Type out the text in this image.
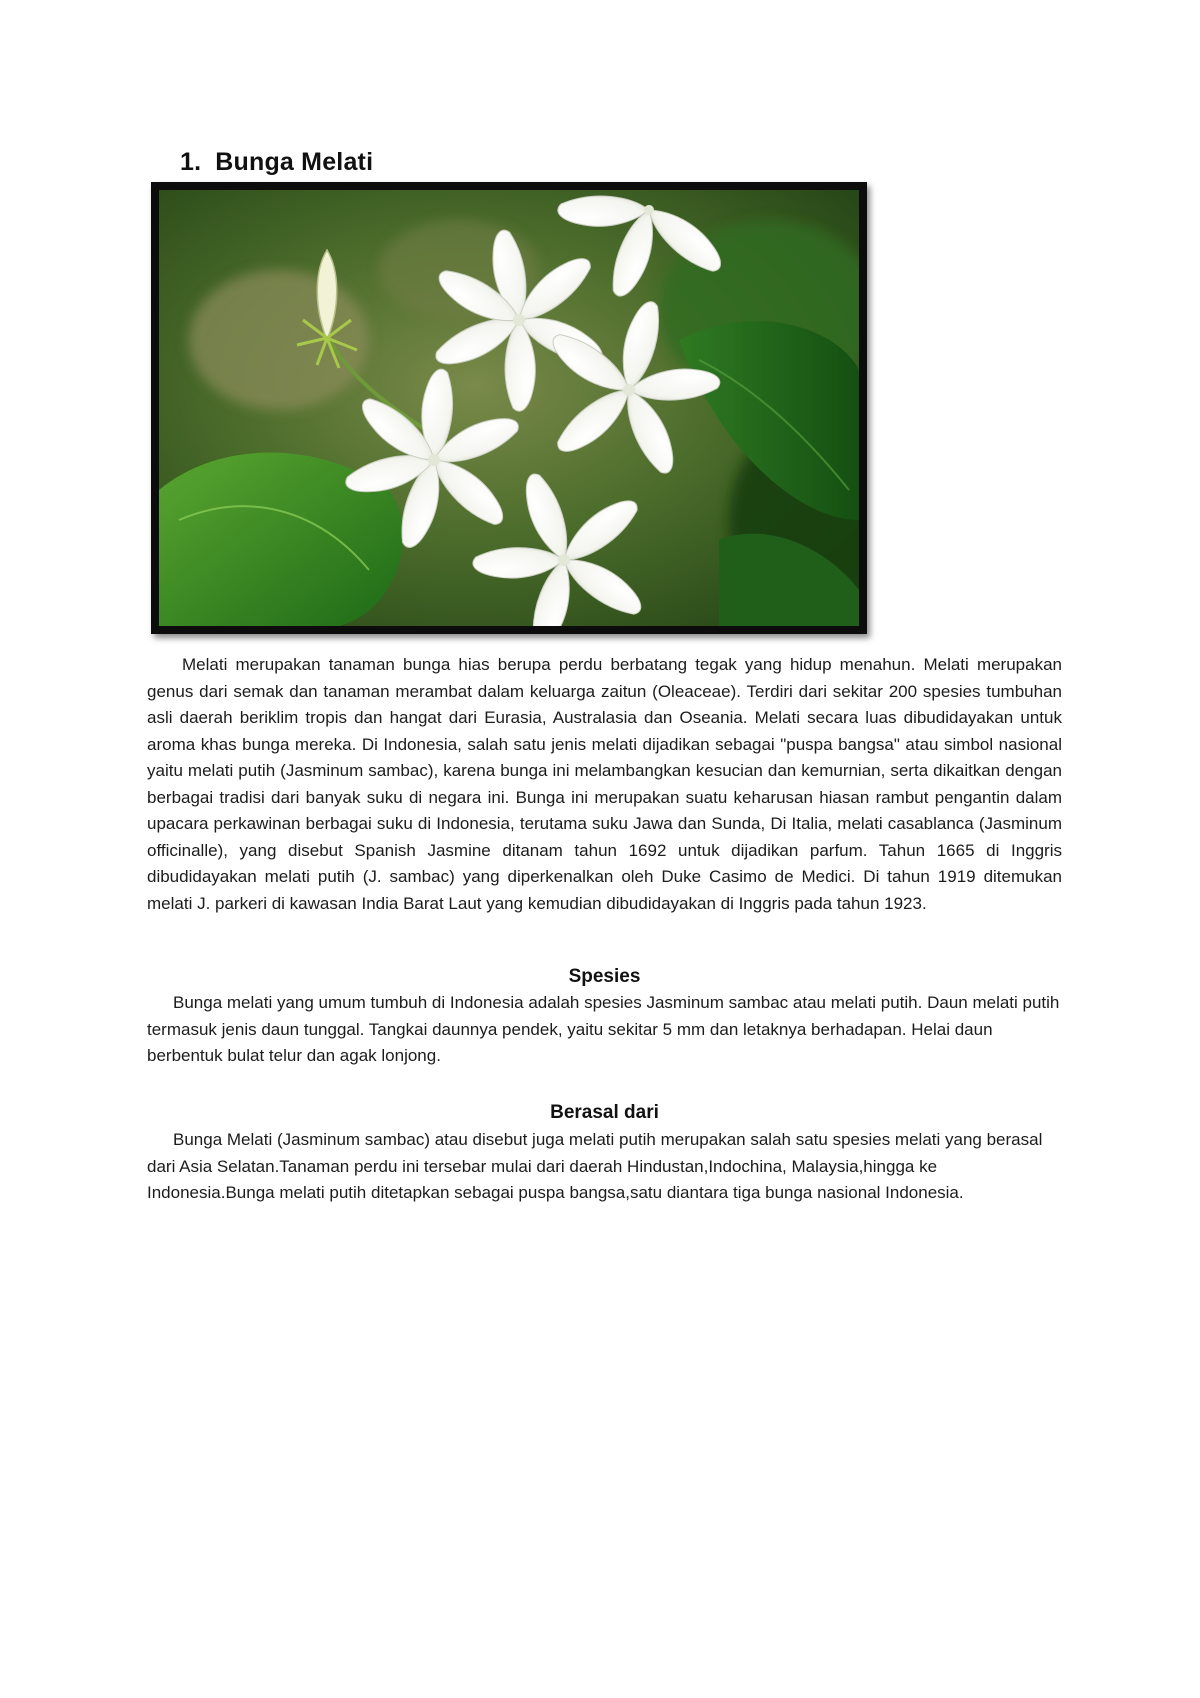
1. Bunga Melati
Melati merupakan tanaman bunga hias berupa perdu berbatang tegak yang hidup menahun. Melati merupakan genus dari semak dan tanaman merambat dalam keluarga zaitun (Oleaceae). Terdiri dari sekitar 200 spesies tumbuhan asli daerah beriklim tropis dan hangat dari Eurasia, Australasia dan Oseania. Melati secara luas dibudidayakan untuk aroma khas bunga mereka. Di Indonesia, salah satu jenis melati dijadikan sebagai "puspa bangsa" atau simbol nasional yaitu melati putih (Jasminum sambac), karena bunga ini melambangkan kesucian dan kemurnian, serta dikaitkan dengan berbagai tradisi dari banyak suku di negara ini. Bunga ini merupakan suatu keharusan hiasan rambut pengantin dalam upacara perkawinan berbagai suku di Indonesia, terutama suku Jawa dan Sunda, Di Italia, melati casablanca (Jasminum officinalle), yang disebut Spanish Jasmine ditanam tahun 1692 untuk dijadikan parfum. Tahun 1665 di Inggris dibudidayakan melati putih (J. sambac) yang diperkenalkan oleh Duke Casimo de Medici. Di tahun 1919 ditemukan melati J. parkeri di kawasan India Barat Laut yang kemudian dibudidayakan di Inggris pada tahun 1923.
Spesies
Bunga melati yang umum tumbuh di Indonesia adalah spesies Jasminum sambac atau melati putih. Daun melati putih termasuk jenis daun tunggal. Tangkai daunnya pendek, yaitu sekitar 5 mm dan letaknya berhadapan. Helai daun berbentuk bulat telur dan agak lonjong.
Berasal dari
Bunga Melati (Jasminum sambac) atau disebut juga melati putih merupakan salah satu spesies melati yang berasal dari Asia Selatan.Tanaman perdu ini tersebar mulai dari daerah Hindustan,Indochina, Malaysia,hingga ke Indonesia.Bunga melati putih ditetapkan sebagai puspa bangsa,satu diantara tiga bunga nasional Indonesia.
